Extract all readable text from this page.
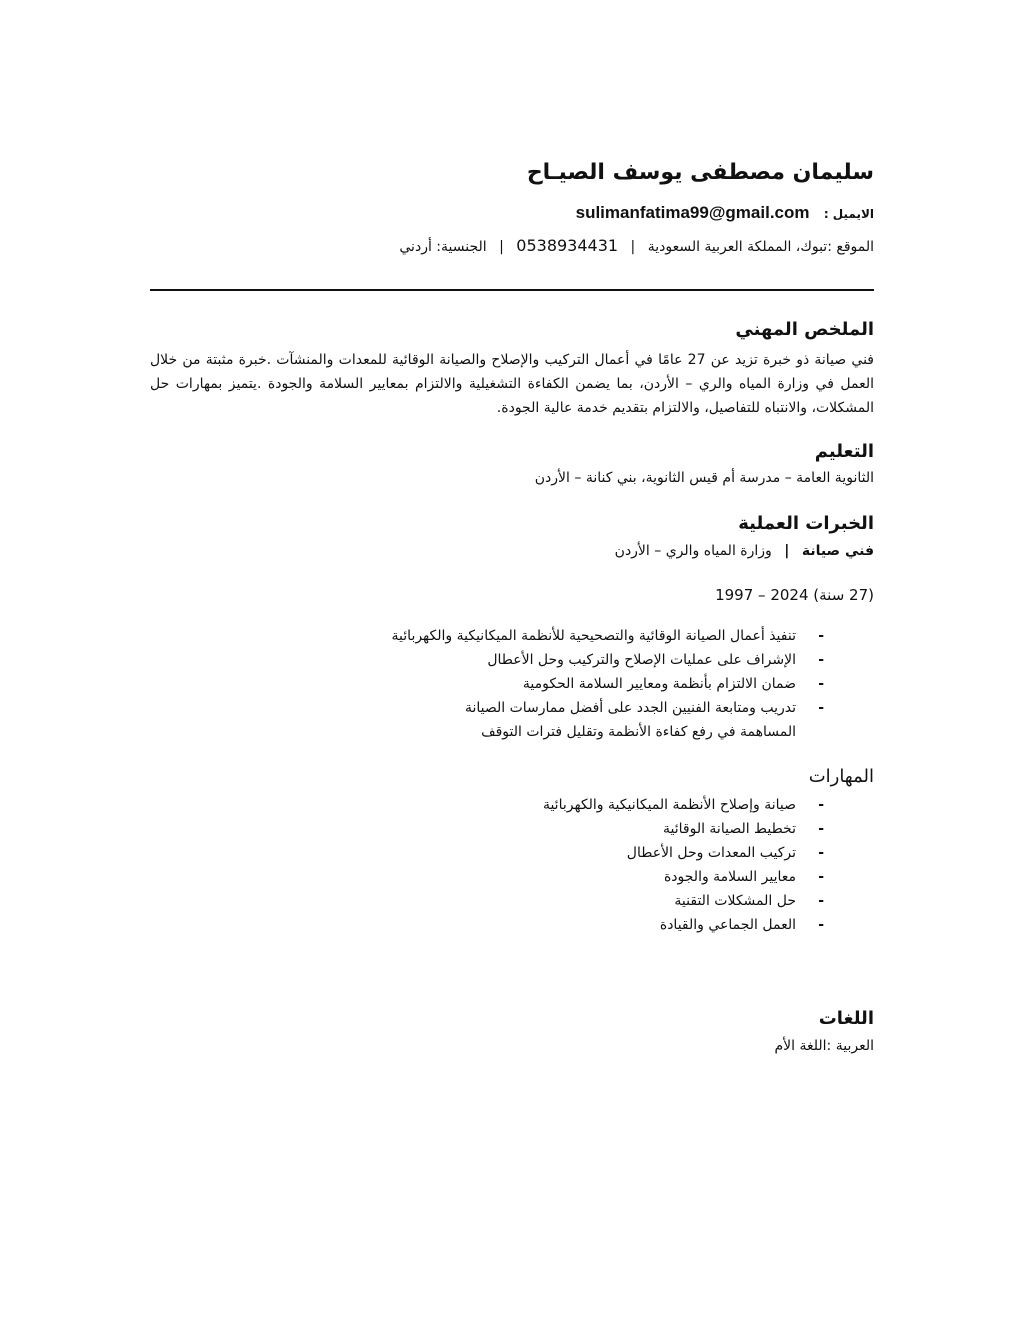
سليمان مصطفى يوسف الصيـاح
الايميل :   sulimanfatima99@gmail.com
الموقع :تبوك، المملكة العربية السعودية | 0538934431 | الجنسية: أردني
الملخص المهني
فني صيانة ذو خبرة تزيد عن 27 عامًا في أعمال التركيب والإصلاح والصيانة الوقائية للمعدات والمنشآت .خبرة مثبتة من خلال
العمل في وزارة المياه والري – الأردن، بما يضمن الكفاءة التشغيلية والالتزام بمعايير السلامة والجودة .يتميز بمهارات حل
المشكلات، والانتباه للتفاصيل، والالتزام بتقديم خدمة عالية الجودة.
التعليم
الثانوية العامة – مدرسة أم قيس الثانوية، بني كنانة – الأردن
الخبرات العملية
فني صيانة | وزارة المياه والري – الأردن
(27 سنة) 2024 – 1997
-
تنفيذ أعمال الصيانة الوقائية والتصحيحية للأنظمة الميكانيكية والكهربائية
-
الإشراف على عمليات الإصلاح والتركيب وحل الأعطال
-
ضمان الالتزام بأنظمة ومعايير السلامة الحكومية
-
تدريب ومتابعة الفنيين الجدد على أفضل ممارسات الصيانة
المساهمة في رفع كفاءة الأنظمة وتقليل فترات التوقف
المهارات
-
صيانة وإصلاح الأنظمة الميكانيكية والكهربائية
-
تخطيط الصيانة الوقائية
-
تركيب المعدات وحل الأعطال
-
معايير السلامة والجودة
-
حل المشكلات التقنية
-
العمل الجماعي والقيادة
اللغات
العربية :اللغة الأم
